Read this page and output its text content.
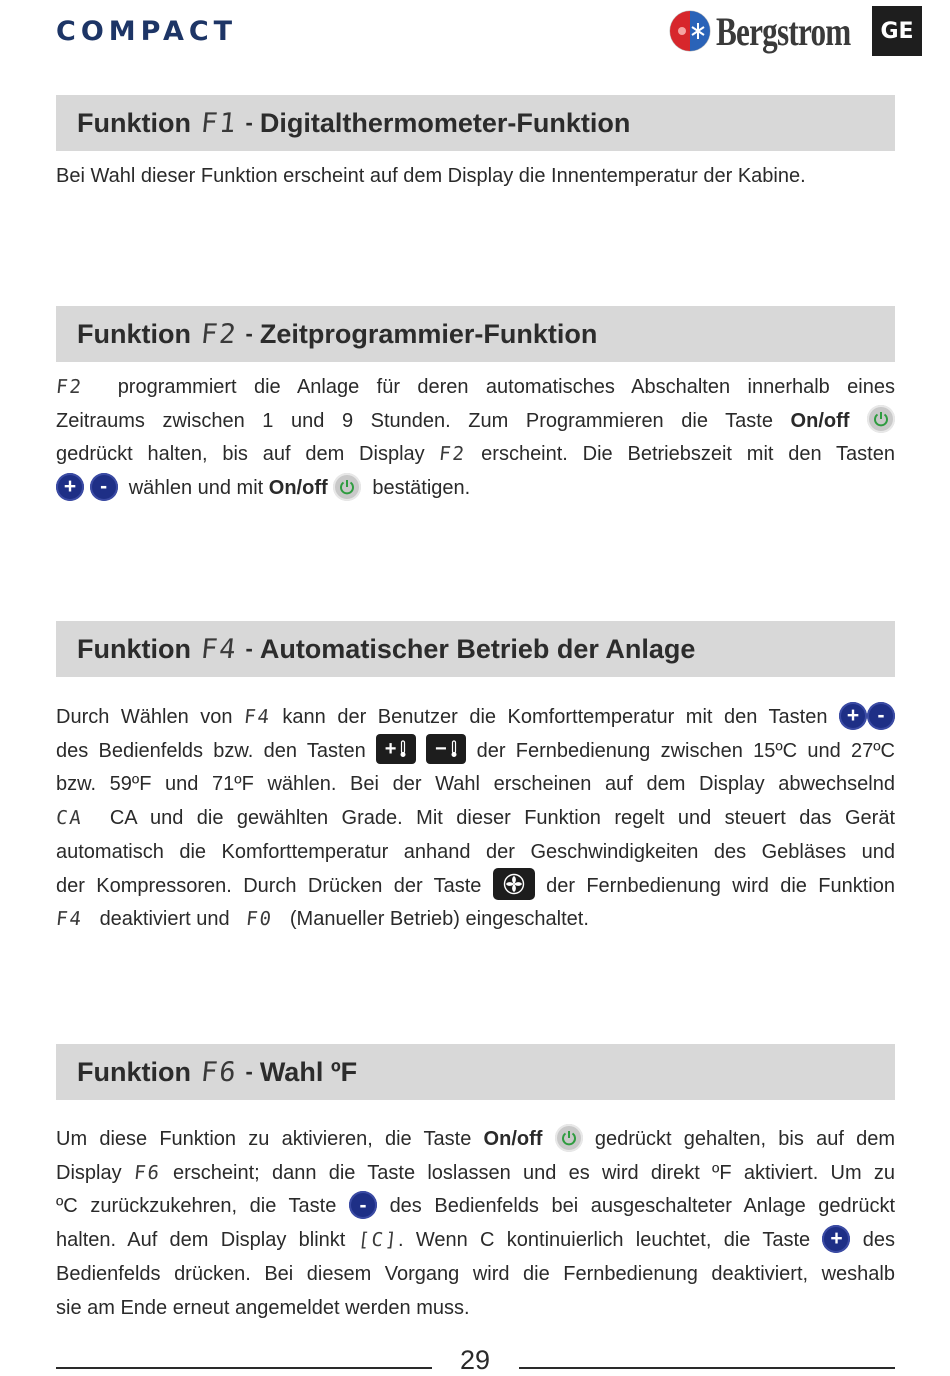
COMPACT	Bergstrom	GE
Funktion F1 - Digitalthermometer-Funktion
Bei Wahl dieser Funktion erscheint auf dem Display die Innentemperatur der Kabine.
Funktion F2 - Zeitprogrammier-Funktion
F2 programmiert die Anlage für deren automatisches Abschalten innerhalb eines
Zeitraums zwischen 1 und 9 Stunden. Zum Programmieren die Taste On/off
gedrückt halten, bis auf dem Display F2 erscheint. Die Betriebszeit mit den Tasten
+ - wählen und mit On/off bestätigen.
Funktion F4 - Automatischer Betrieb der Anlage
Durch Wählen von F4 kann der Benutzer die Komforttemperatur mit den Tasten + -
des Bedienfelds bzw. den Tasten +
− der Fernbedienung zwischen 15ºC und 27ºC
bzw. 59ºF und 71ºF wählen. Bei der Wahl erscheinen auf dem Display abwechselnd
CA CA und die gewählten Grade. Mit dieser Funktion regelt und steuert das Gerät
automatisch die Komforttemperatur anhand der Geschwindigkeiten des Gebläses und
der Kompressoren. Durch Drücken der Taste	der Fernbedienung wird die Funktion
F4 deaktiviert und F0 (Manueller Betrieb) eingeschaltet.
Funktion F6 - Wahl ºF
Um diese Funktion zu aktivieren, die Taste On/off	gedrückt gehalten, bis auf dem
Display F6 erscheint; dann die Taste loslassen und es wird direkt ºF aktiviert. Um zu
ºC zurückzukehren, die Taste - des Bedienfelds bei ausgeschalteter Anlage gedrückt
halten. Auf dem Display blinkt [C]. Wenn C kontinuierlich leuchtet, die Taste + des
Bedienfelds drücken. Bei diesem Vorgang wird die Fernbedienung deaktiviert, weshalb
sie am Ende erneut angemeldet werden muss.
29
